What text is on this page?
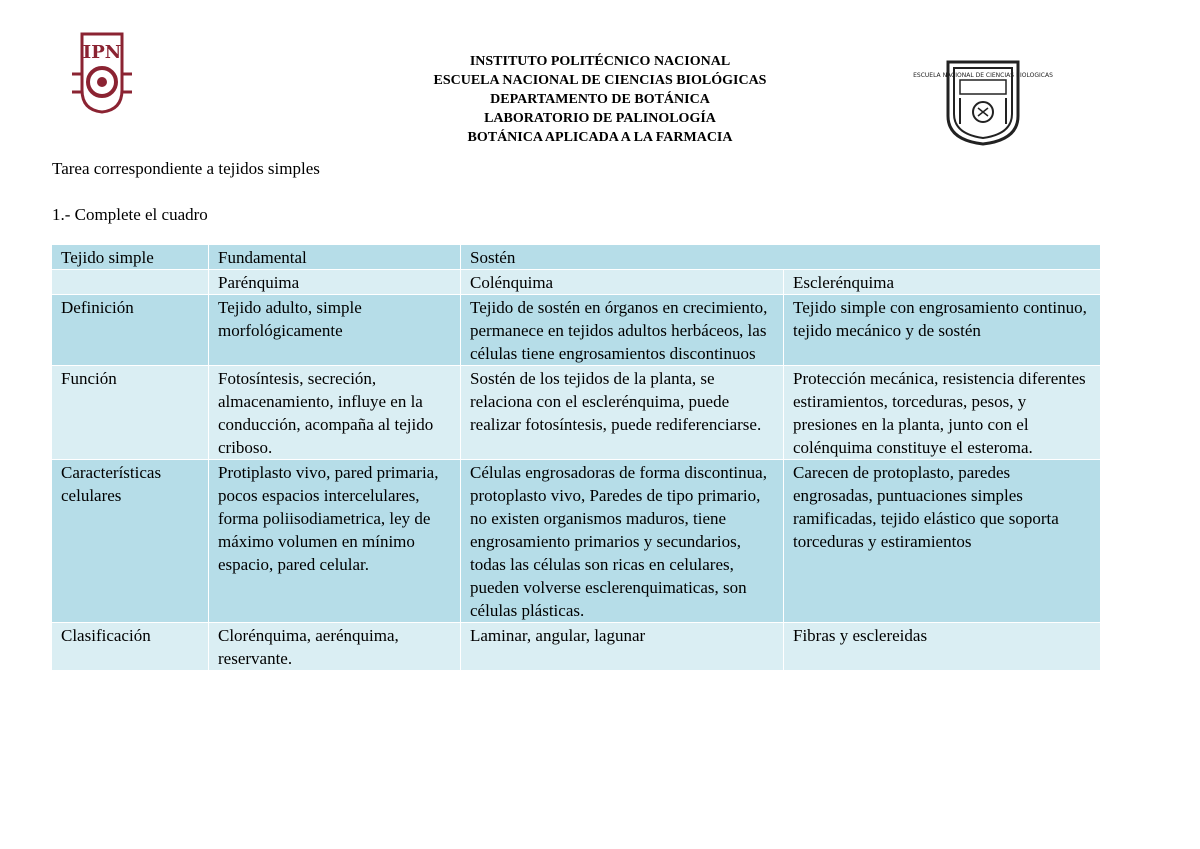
IPN	INSTITUTO POLITÉCNICO NACIONAL
ESCUELA NACIONAL DE CIENCIAS BIOLÓGICAS
DEPARTAMENTO DE BOTÁNICA
LABORATORIO DE PALINOLOGÍA
BOTÁNICA APLICADA A LA FARMACIA
ESCUELA NACIONAL DE CIENCIAS BIOLOGICAS
Tarea correspondiente a tejidos simples
1.- Complete el cuadro
Tejido simple	Fundamental	Sostén	
	Parénquima	Colénquima	Esclerénquima
Definición	Tejido adulto, simple morfológicamente	Tejido de sostén en órganos en crecimiento, permanece en tejidos adultos herbáceos, las células tiene engrosamientos discontinuos	Tejido simple con engrosamiento continuo, tejido mecánico y de sostén
Función	Fotosíntesis, secreción, almacenamiento, influye en la conducción, acompaña al tejido criboso.	Sostén de los tejidos de la planta, se relaciona con el esclerénquima, puede realizar fotosíntesis, puede rediferenciarse.	Protección mecánica, resistencia diferentes estiramientos, torceduras, pesos, y presiones en la planta, junto con el colénquima constituye el esteroma.
Características celulares	Protiplasto vivo, pared primaria, pocos espacios intercelulares, forma poliisodiametrica, ley de máximo volumen en mínimo espacio, pared celular.	Células engrosadoras de forma discontinua, protoplasto vivo, Paredes de tipo primario, no existen organismos maduros, tiene engrosamiento primarios y secundarios, todas las células son ricas en celulares, pueden volverse esclerenquimaticas, son células plásticas.	Carecen de protoplasto, paredes engrosadas, puntuaciones simples ramificadas, tejido elástico que soporta torceduras y estiramientos
Clasificación	Clorénquima, aerénquima, reservante.	Laminar, angular, lagunar	Fibras y esclereidas
